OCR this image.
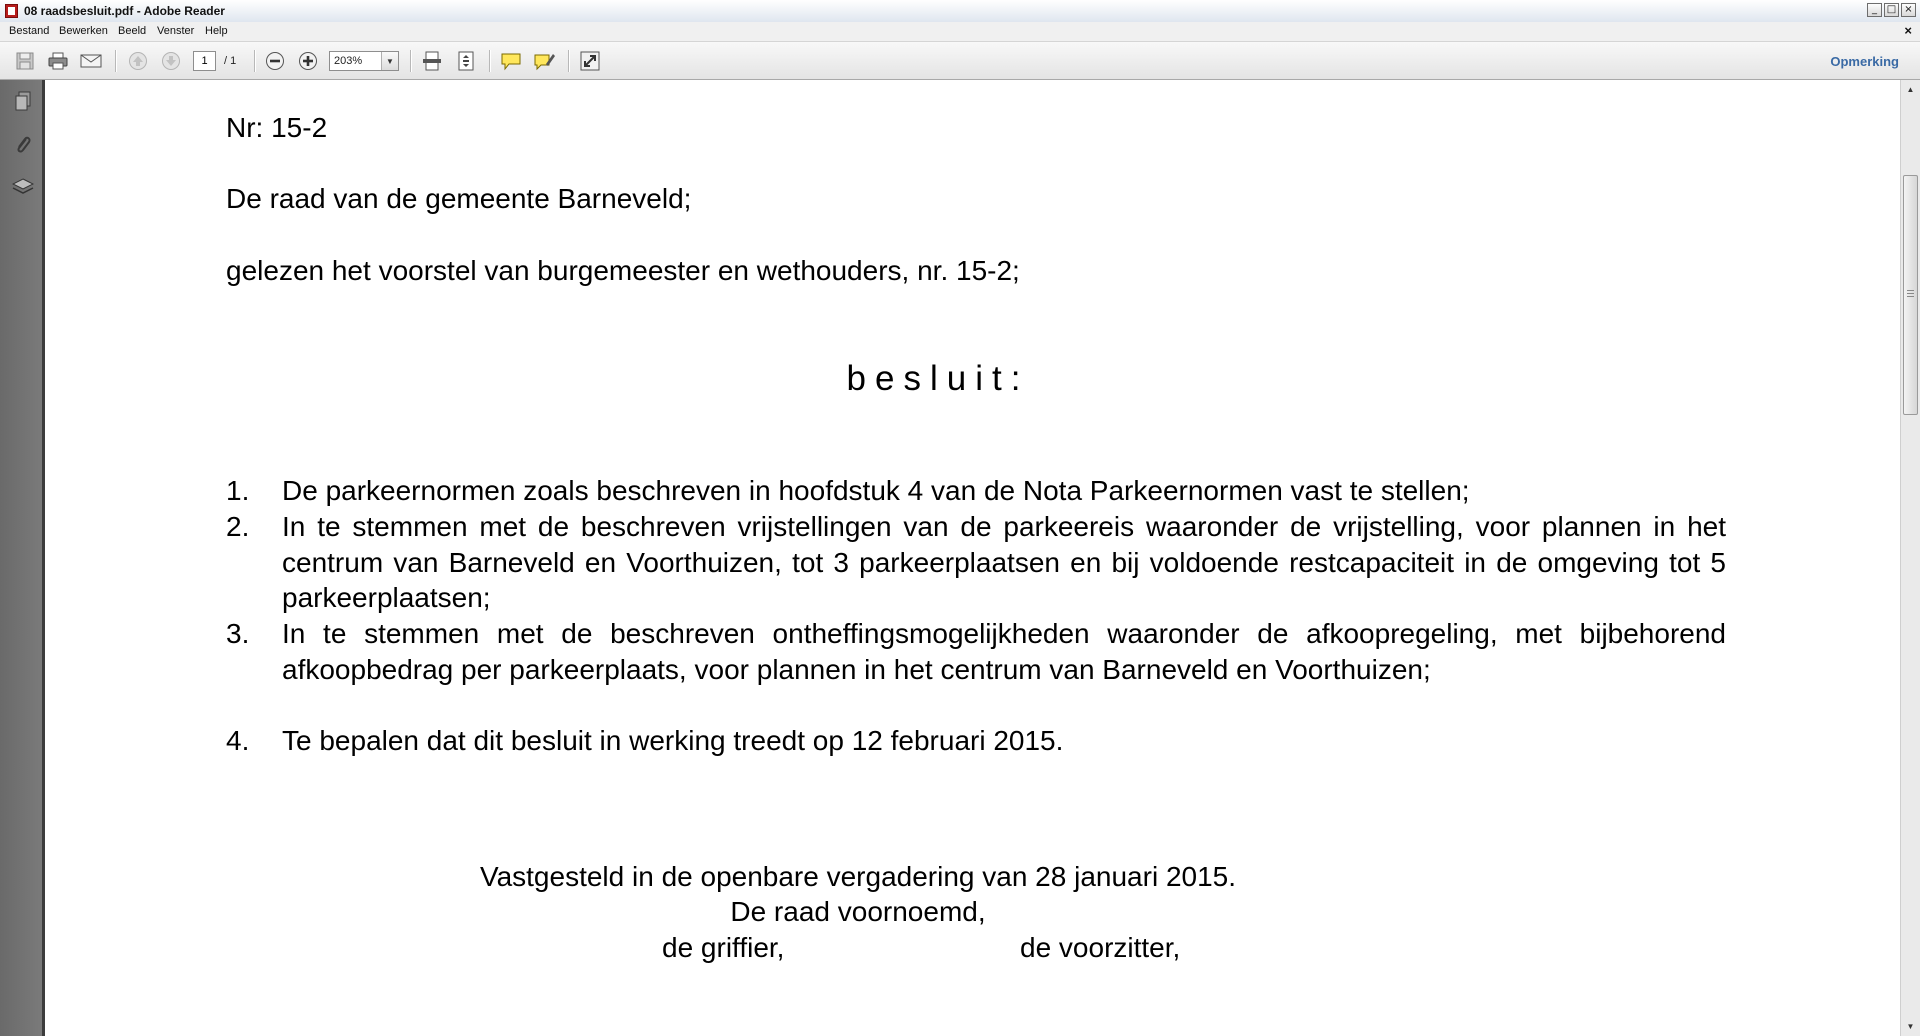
08 raadsbesluit.pdf - Adobe Reader	_ □ ×
Bestand Bewerken Beeld Venster Help	×
1
/ 1	203%	▼	Opmerking
Nr: 15-2
De raad van de gemeente Barneveld;
gelezen het voorstel van burgemeester en wethouders, nr. 15-2;
besluit:
1. De parkeernormen zoals beschreven in hoofdstuk 4 van de Nota Parkeernormen vast te stellen;
2. In te stemmen met de beschreven vrijstellingen van de parkeereis waaronder de vrijstelling, voor plannen in het centrum van Barneveld en Voorthuizen, tot 3 parkeerplaatsen en bij voldoende restcapaciteit in de omgeving tot 5 parkeerplaatsen;
3. In te stemmen met de beschreven ontheffingsmogelijkheden waaronder de afkoopregeling, met bijbehorend afkoopbedrag per parkeerplaats, voor plannen in het centrum van Barneveld en Voorthuizen;
4. Te bepalen dat dit besluit in werking treedt op 12 februari 2015.
Vastgesteld in de openbare vergadering van 28 januari 2015.
De raad voornoemd,
de griffier,	de voorzitter,
▲
▼
